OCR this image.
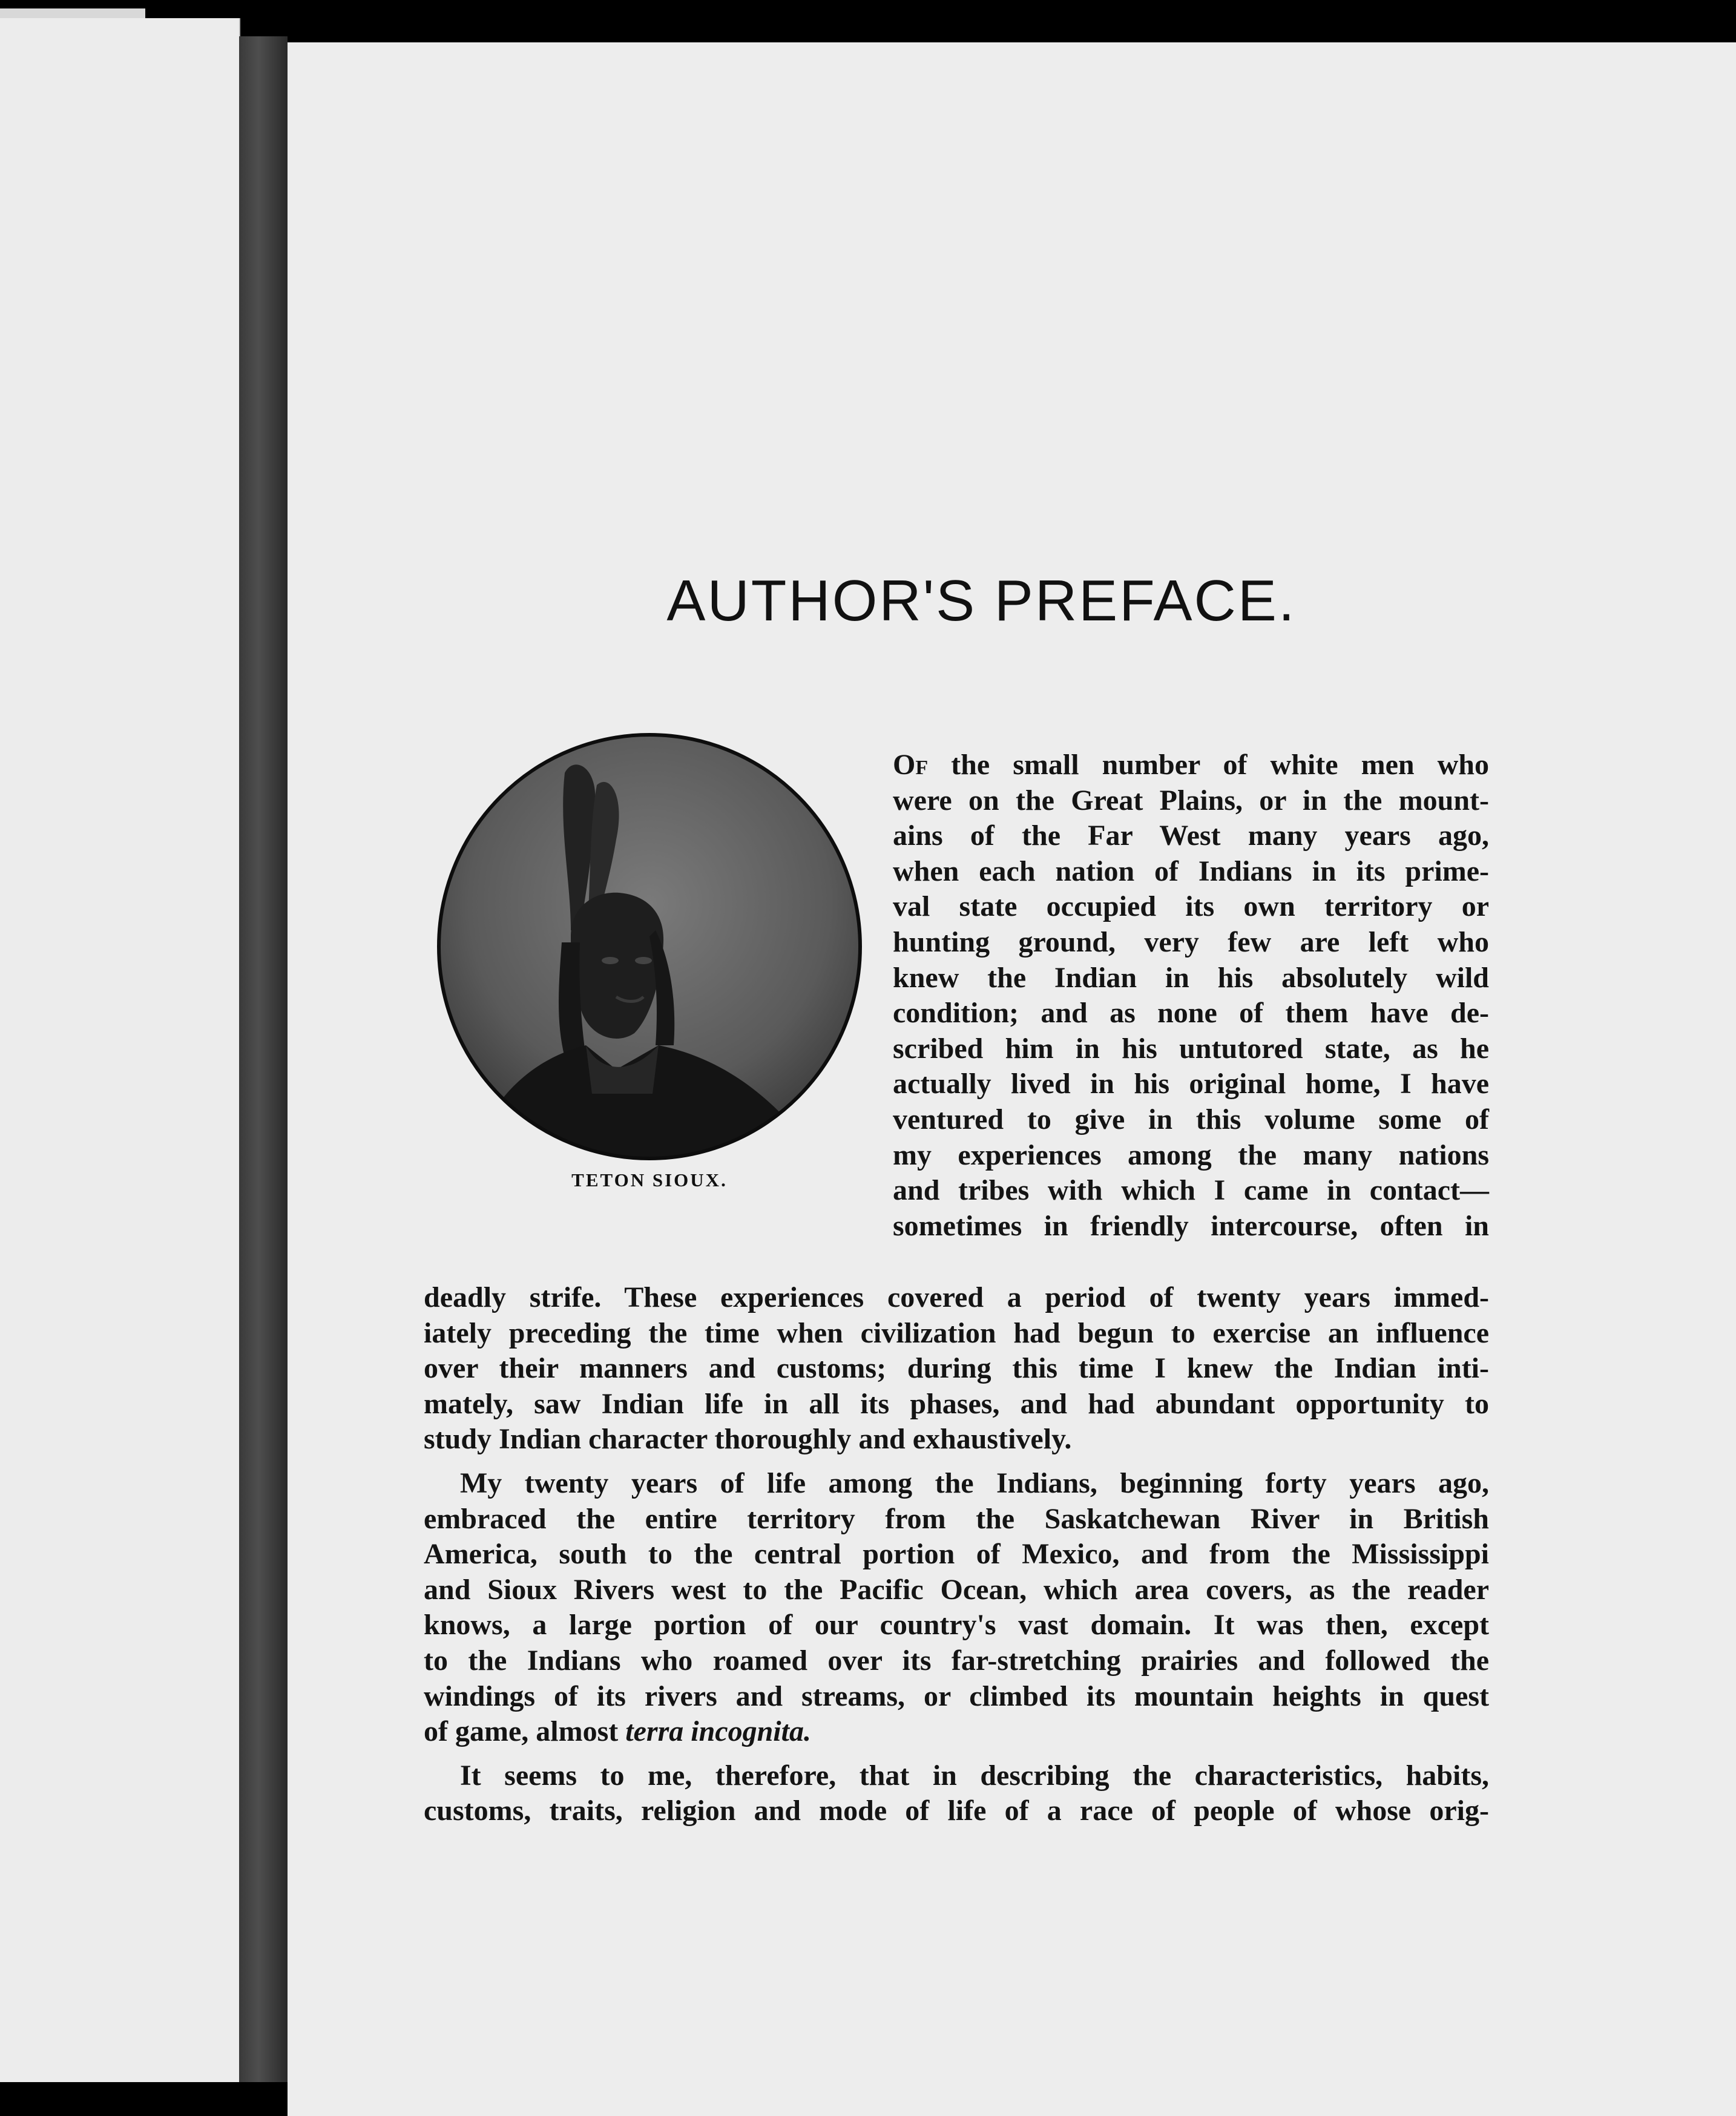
AUTHOR'S PREFACE.
TETON SIOUX.
Of the small number of white men who
were on the Great Plains, or in the mount-
ains of the Far West many years ago,
when each nation of Indians in its prime-
val state occupied its own territory or
hunting ground, very few are left who
knew the Indian in his absolutely wild
condition; and as none of them have de-
scribed him in his untutored state, as he
actually lived in his original home, I have
ventured to give in this volume some of
my experiences among the many nations
and tribes with which I came in contact—
sometimes in friendly intercourse, often in
deadly strife. These experiences covered a period of twenty years immed-
iately preceding the time when civilization had begun to exercise an influence
over their manners and customs; during this time I knew the Indian inti-
mately, saw Indian life in all its phases, and had abundant opportunity to
study Indian character thoroughly and exhaustively.
My twenty years of life among the Indians, beginning forty years ago,
embraced the entire territory from the Saskatchewan River in British
America, south to the central portion of Mexico, and from the Mississippi
and Sioux Rivers west to the Pacific Ocean, which area covers, as the reader
knows, a large portion of our country's vast domain. It was then, except
to the Indians who roamed over its far-stretching prairies and followed the
windings of its rivers and streams, or climbed its mountain heights in quest
of game, almost terra incognita.
It seems to me, therefore, that in describing the characteristics, habits,
customs, traits, religion and mode of life of a race of people of whose orig-
